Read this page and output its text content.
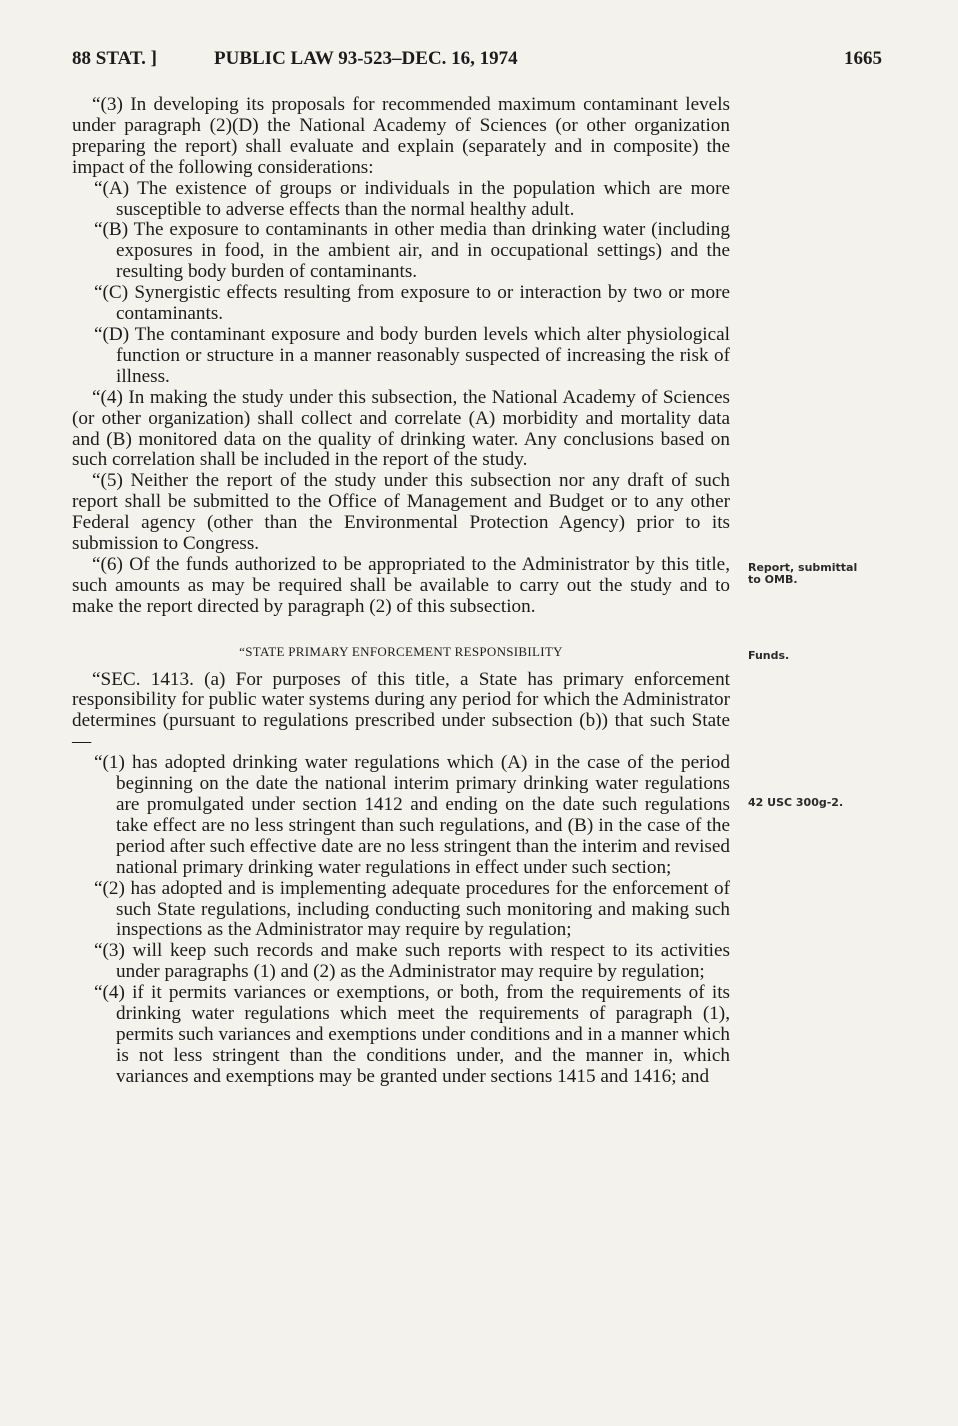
88 STAT. ]	PUBLIC LAW 93-523–DEC. 16, 1974	1665

“(3) In developing its proposals for recommended maximum contaminant levels under paragraph (2)(D) the National Academy of Sciences (or other organization preparing the report) shall evaluate and explain (separately and in composite) the impact of the following considerations:

“(A) The existence of groups or individuals in the population which are more susceptible to adverse effects than the normal healthy adult.

“(B) The exposure to contaminants in other media than drinking water (including exposures in food, in the ambient air, and in occupational settings) and the resulting body burden of contaminants.

“(C) Synergistic effects resulting from exposure to or interaction by two or more contaminants.

“(D) The contaminant exposure and body burden levels which alter physiological function or structure in a manner reasonably suspected of increasing the risk of illness.

“(4) In making the study under this subsection, the National Academy of Sciences (or other organization) shall collect and correlate (A) morbidity and mortality data and (B) monitored data on the quality of drinking water. Any conclusions based on such correlation shall be included in the report of the study.

“(5) Neither the report of the study under this subsection nor any draft of such report shall be submitted to the Office of Management and Budget or to any other Federal agency (other than the Environmental Protection Agency) prior to its submission to Congress.

“(6) Of the funds authorized to be appropriated to the Administrator by this title, such amounts as may be required shall be available to carry out the study and to make the report directed by paragraph (2) of this subsection.

“STATE PRIMARY ENFORCEMENT RESPONSIBILITY

“SEC. 1413. (a) For purposes of this title, a State has primary enforcement responsibility for public water systems during any period for which the Administrator determines (pursuant to regulations prescribed under subsection (b)) that such State—

“(1) has adopted drinking water regulations which (A) in the case of the period beginning on the date the national interim primary drinking water regulations are promulgated under section 1412 and ending on the date such regulations take effect are no less stringent than such regulations, and (B) in the case of the period after such effective date are no less stringent than the interim and revised national primary drinking water regulations in effect under such section;

“(2) has adopted and is implementing adequate procedures for the enforcement of such State regulations, including conducting such monitoring and making such inspections as the Administrator may require by regulation;

“(3) will keep such records and make such reports with respect to its activities under paragraphs (1) and (2) as the Administrator may require by regulation;

“(4) if it permits variances or exemptions, or both, from the requirements of its drinking water regulations which meet the requirements of paragraph (1), permits such variances and exemptions under conditions and in a manner which is not less stringent than the conditions under, and the manner in, which variances and exemptions may be granted under sections 1415 and 1416; and

Report, submittal to OMB.
Funds.
42 USC 300g-2.
